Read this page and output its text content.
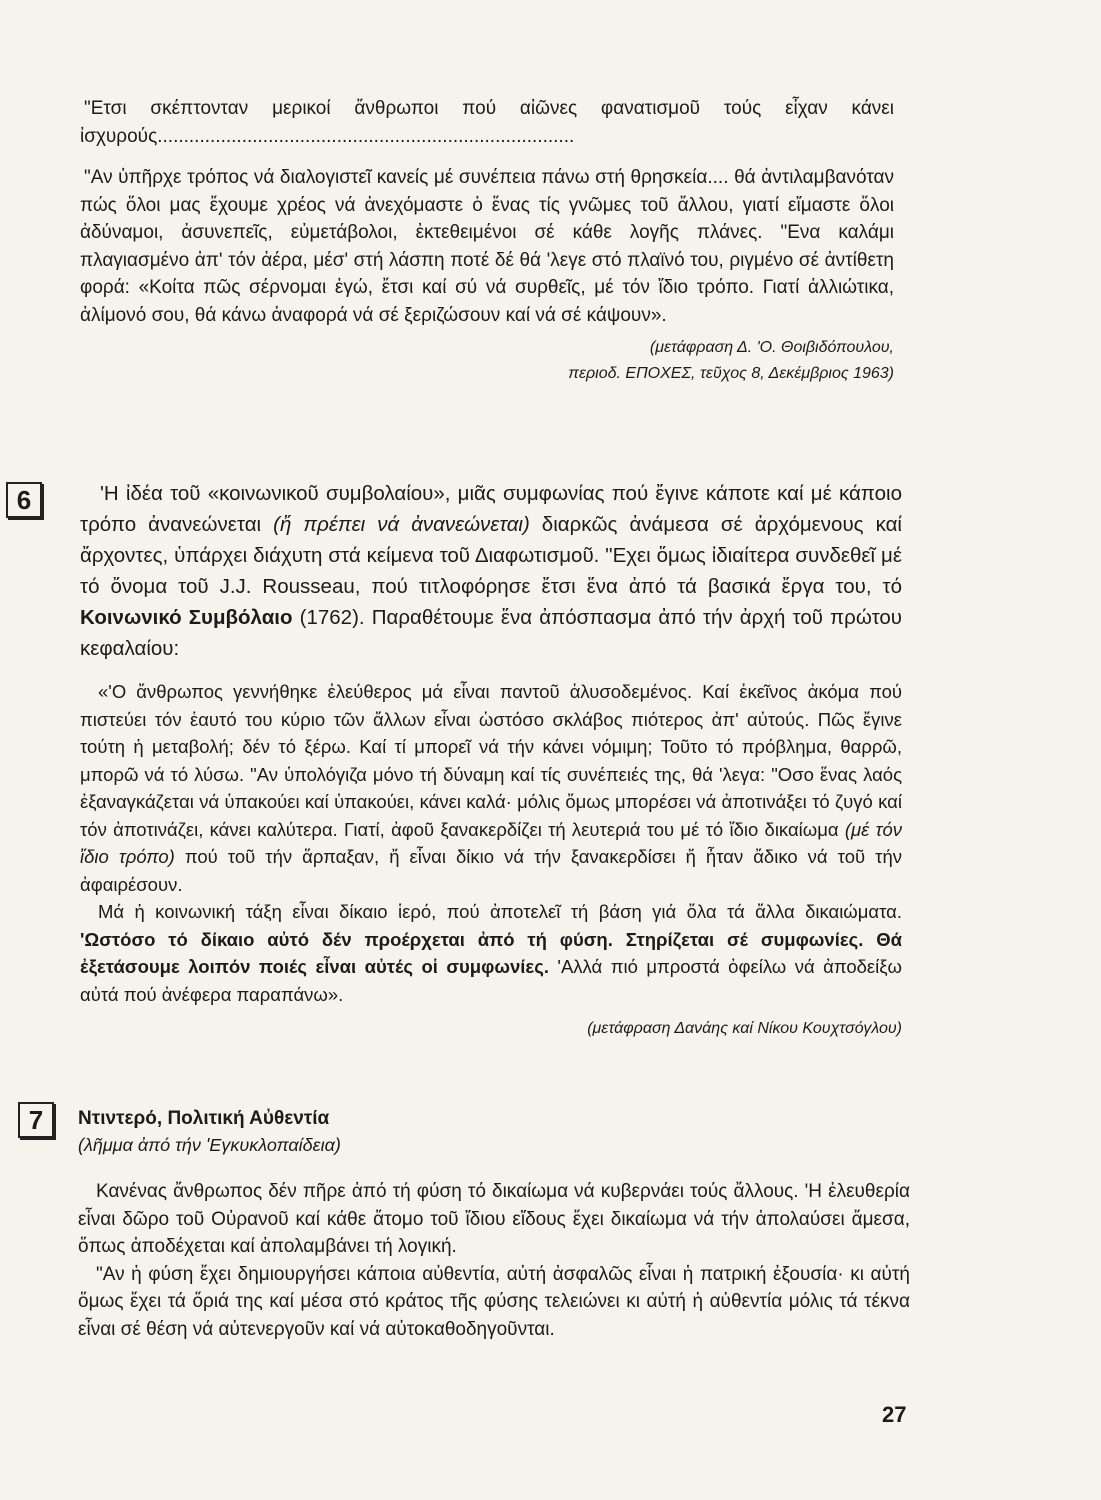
"Ετσι σκέπτονταν μερικοί ἄνθρωποι πού αἰῶνες φανατισμοῦ τούς εἶχαν κάνει ἰσχυρούς...............................................................................

"Αν ὑπῆρχε τρόπος νά διαλογιστεῖ κανείς μέ συνέπεια πάνω στή θρησκεία.... θά ἀντιλαμβανόταν πώς ὅλοι μας ἔχουμε χρέος νά ἀνεχόμαστε ὁ ἕνας τίς γνῶμες τοῦ ἄλλου, γιατί εἴμαστε ὅλοι ἀδύναμοι, ἀσυνεπεῖς, εὐμετάβολοι, ἐκτεθειμένοι σέ κάθε λογῆς πλάνες. "Ενα καλάμι πλαγιασμένο ἀπ' τόν ἀέρα, μέσ' στή λάσπη ποτέ δέ θά 'λεγε στό πλαϊνό του, ριγμένο σέ ἀντίθετη φορά: «Κοίτα πῶς σέρνομαι ἐγώ, ἔτσι καί σύ νά συρθεῖς, μέ τόν ἴδιο τρόπο. Γιατί ἀλλιώτικα, ἀλίμονό σου, θά κάνω ἀναφορά νά σέ ξεριζώσουν καί νά σέ κάψουν».

(μετάφραση Δ. 'Ο. Θοιβιδόπουλου,

περιοδ. ΕΠΟΧΕΣ, τεῦχος 8, Δεκέμβριος 1963)

6	'Η ἰδέα τοῦ «κοινωνικοῦ συμβολαίου», μιᾶς συμφωνίας πού ἔγινε κάποτε καί μέ κάποιο τρόπο ἀνανεώνεται (ἤ πρέπει νά ἀνανεώνεται) διαρκῶς ἀνάμεσα σέ ἀρχόμενους καί ἄρχοντες, ὑπάρχει διάχυτη στά κείμενα τοῦ Διαφωτισμοῦ. "Εχει ὅμως ἰδιαίτερα συνδεθεῖ μέ τό ὄνομα τοῦ J.J. Rousseau, πού τιτλοφόρησε ἔτσι ἕνα ἀπό τά βασικά ἔργα του, τό Κοινωνικό Συμβόλαιο (1762). Παραθέτουμε ἕνα ἀπόσπασμα ἀπό τήν ἀρχή τοῦ πρώτου κεφαλαίου:

«'Ο ἄνθρωπος γεννήθηκε ἐλεύθερος μά εἶναι παντοῦ ἁλυσοδεμένος. Καί ἐκεῖνος ἀκόμα πού πιστεύει τόν ἑαυτό του κύριο τῶν ἄλλων εἶναι ὡστόσο σκλάβος πιότερος ἀπ' αὐτούς. Πῶς ἔγινε τούτη ἡ μεταβολή; δέν τό ξέρω. Καί τί μπορεῖ νά τήν κάνει νόμιμη; Τοῦτο τό πρόβλημα, θαρρῶ, μπορῶ νά τό λύσω. "Αν ὑπολόγιζα μόνο τή δύναμη καί τίς συνέπειές της, θά 'λεγα: "Οσο ἕνας λαός ἐξαναγκάζεται νά ὑπακούει καί ὑπακούει, κάνει καλά· μόλις ὅμως μπορέσει νά ἀποτινάξει τό ζυγό καί τόν ἀποτινάζει, κάνει καλύτερα. Γιατί, ἀφοῦ ξανακερδίζει τή λευτεριά του μέ τό ἴδιο δικαίωμα (μέ τόν ἴδιο τρόπο) πού τοῦ τήν ἅρπαξαν, ἤ εἶναι δίκιο νά τήν ξανακερδίσει ἤ ἦταν ἄδικο νά τοῦ τήν ἀφαιρέσουν.

Μά ἡ κοινωνική τάξη εἶναι δίκαιο ἱερό, πού ἀποτελεῖ τή βάση γιά ὅλα τά ἄλλα δικαιώματα. 'Ωστόσο τό δίκαιο αὐτό δέν προέρχεται ἀπό τή φύση. Στηρίζεται σέ συμφωνίες. Θά ἐξετάσουμε λοιπόν ποιές εἶναι αὐτές οἱ συμφωνίες. 'Αλλά πιό μπροστά ὀφείλω νά ἀποδείξω αὐτά πού ἀνέφερα παραπάνω».

(μετάφραση Δανάης καί Νίκου Κουχτσόγλου)

7	Ντιντερό, Πολιτική Αὐθεντία

(λῆμμα ἀπό τήν 'Εγκυκλοπαίδεια)

Κανένας ἄνθρωπος δέν πῆρε ἀπό τή φύση τό δικαίωμα νά κυβερνάει τούς ἄλλους. 'Η ἐλευθερία εἶναι δῶρο τοῦ Οὐρανοῦ καί κάθε ἄτομο τοῦ ἴδιου εἴδους ἔχει δικαίωμα νά τήν ἀπολαύσει ἄμεσα, ὅπως ἀποδέχεται καί ἀπολαμβάνει τή λογική.

"Αν ἡ φύση ἔχει δημιουργήσει κάποια αὐθεντία, αὐτή ἀσφαλῶς εἶναι ἡ πατρική ἐξουσία· κι αὐτή ὅμως ἔχει τά ὅριά της καί μέσα στό κράτος τῆς φύσης τελειώνει κι αὐτή ἡ αὐθεντία μόλις τά τέκνα εἶναι σέ θέση νά αὐτενεργοῦν καί νά αὐτοκαθοδηγοῦνται.

27
